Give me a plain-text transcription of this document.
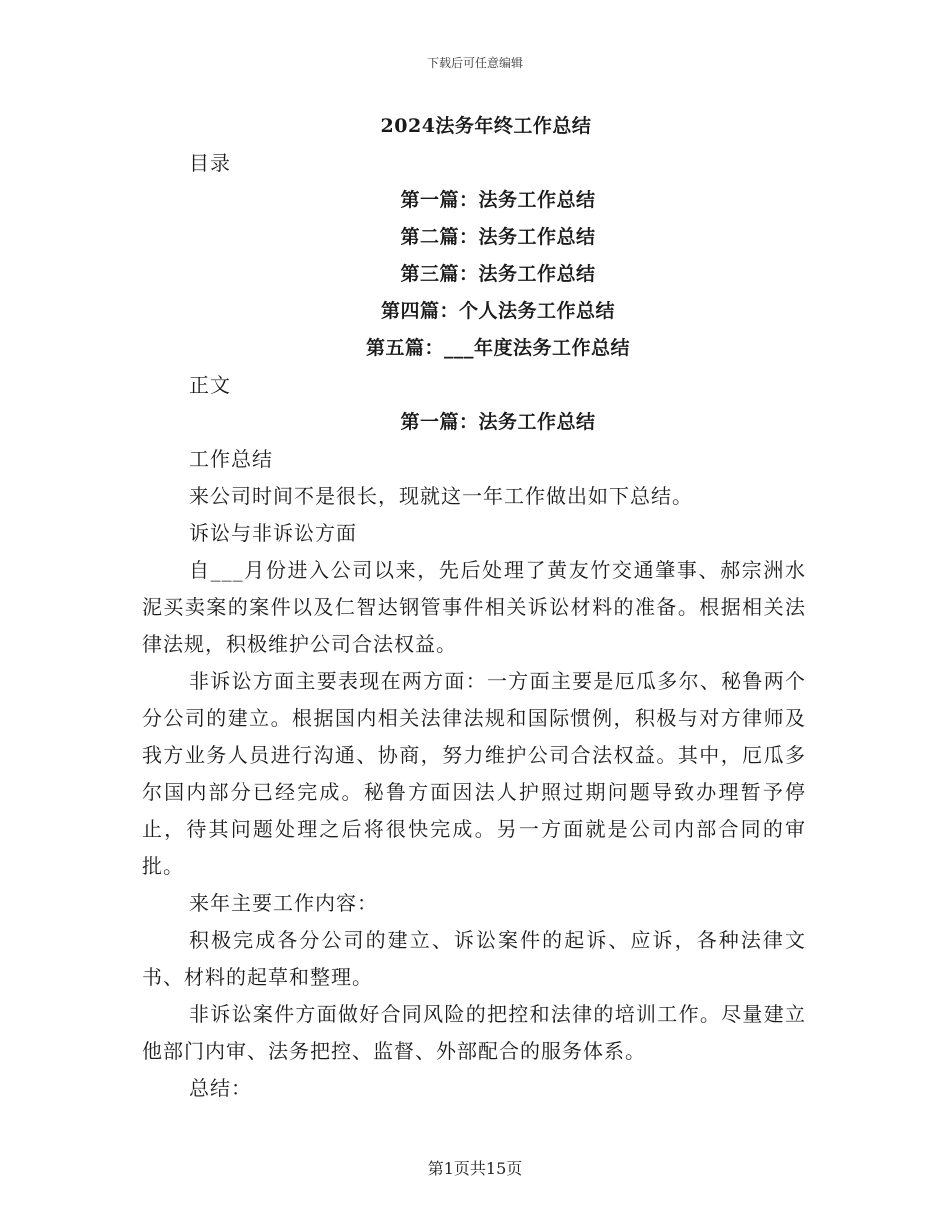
下载后可任意编辑
2024法务年终工作总结
目录
第一篇：法务工作总结
第二篇：法务工作总结
第三篇：法务工作总结
第四篇：个人法务工作总结
第五篇：___年度法务工作总结
正文
第一篇：法务工作总结

工作总结

来公司时间不是很长，现就这一年工作做出如下总结。

诉讼与非诉讼方面

自___月份进入公司以来，先后处理了黄友竹交通肇事、郝宗洲水泥买卖案的案件以及仁智达钢管事件相关诉讼材料的准备。根据相关法律法规，积极维护公司合法权益。

非诉讼方面主要表现在两方面：一方面主要是厄瓜多尔、秘鲁两个分公司的建立。根据国内相关法律法规和国际惯例，积极与对方律师及我方业务人员进行沟通、协商，努力维护公司合法权益。其中，厄瓜多尔国内部分已经完成。秘鲁方面因法人护照过期问题导致办理暂予停止，待其问题处理之后将很快完成。另一方面就是公司内部合同的审批。

来年主要工作内容：

积极完成各分公司的建立、诉讼案件的起诉、应诉，各种法律文书、材料的起草和整理。

非诉讼案件方面做好合同风险的把控和法律的培训工作。尽量建立他部门内审、法务把控、监督、外部配合的服务体系。

总结：

第1页共15页
